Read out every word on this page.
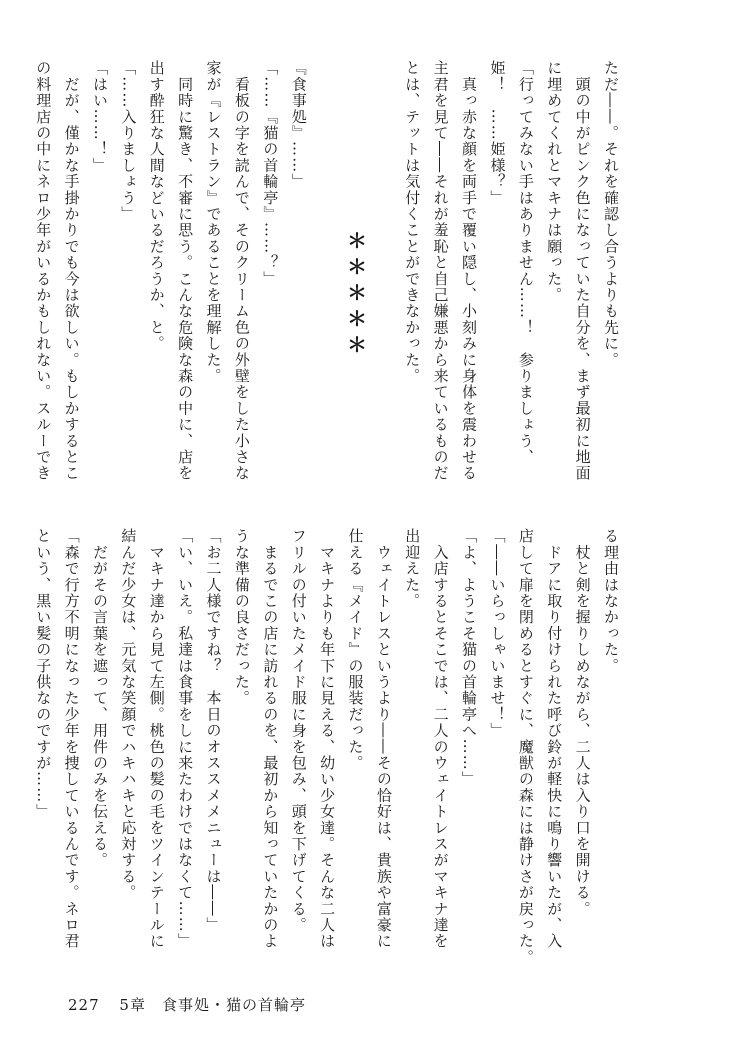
ただ――。それを確認し合うよりも先に。
　頭の中がピンク色になっていた自分を、まず最初に地面
に埋めてくれとマキナは願った。
「行ってみない手はありません……！　参りましょう、
姫！　……姫様？」
　真っ赤な顔を両手で覆い隠し、小刻みに身体を震わせる
主君を見て――それが羞恥と自己嫌悪から来ているものだ
とは、テットは気付くことができなかった。
＊＊＊＊＊
『食事処』……」
「……『猫の首輪亭』……？」
　看板の字を読んで、そのクリーム色の外壁をした小さな
家が『レストラン』であることを理解した。
　同時に驚き、不審に思う。こんな危険な森の中に、店を
出す酔狂な人間などいるだろうか、と。
「……入りましょう」
「はい……！」
　だが、僅かな手掛かりでも今は欲しい。もしかするとこ
の料理店の中にネロ少年がいるかもしれない。スルーでき
る理由はなかった。
　杖と剣を握りしめながら、二人は入り口を開ける。
　ドアに取り付けられた呼び鈴が軽快に鳴り響いたが、入
店して扉を閉めるとすぐに、魔獣の森には静けさが戻った。
「――いらっしゃいませ！」
「よ、ようこそ猫の首輪亭へ……」
　入店するとそこでは、二人のウェイトレスがマキナ達を
出迎えた。
　ウェイトレスというより――その恰好は、貴族や富豪に
仕える『メイド』の服装だった。
　マキナよりも年下に見える、幼い少女達。そんな二人は
フリルの付いたメイド服に身を包み、頭を下げてくる。
　まるでこの店に訪れるのを、最初から知っていたかのよ
うな準備の良さだった。
「お二人様ですね？　本日のオススメメニューは――」
「い、いえ。私達は食事をしに来たわけではなくて……」
　マキナ達から見て左側。桃色の髪の毛をツインテールに
結んだ少女は、元気な笑顔でハキハキと応対する。
　だがその言葉を遮って、用件のみを伝える。
「森で行方不明になった少年を捜しているんです。ネロ君
という、黒い髪の子供なのですが……」
227 5章　食事処・猫の首輪亭
